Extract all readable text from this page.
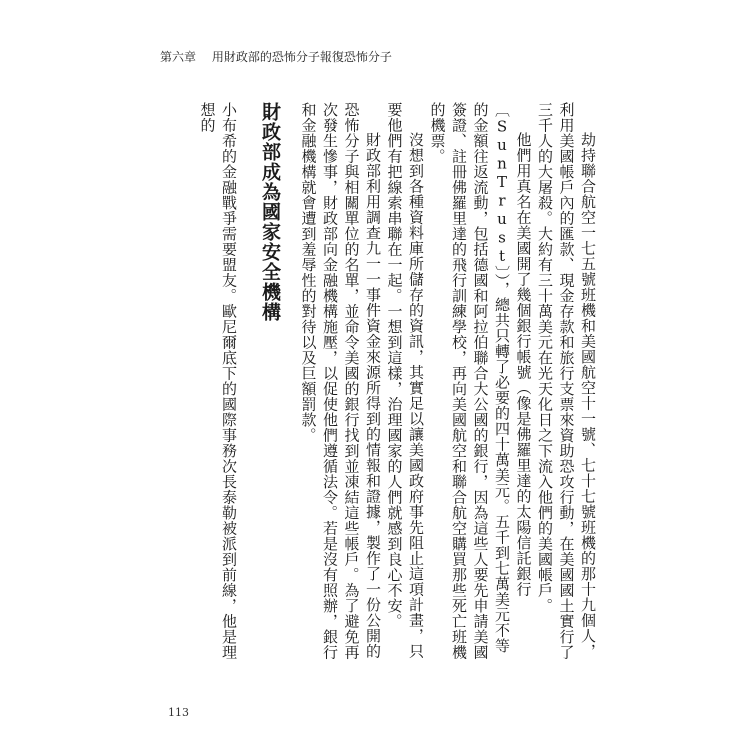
第六章 用財政部的恐怖分子報復恐怖分子

劫持聯合航空一七五號班機和美國航空十一號、七十七號班機的那十九個人，利用美國帳戶內的匯款、現金存款和旅行支票來資助恐攻行動，在美國國土實行了三千人的大屠殺。大約有三十萬美元在光天化日之下流入他們的美國帳戶。

他們用真名在美國開了幾個銀行帳號（像是佛羅里達的太陽信託銀行〔SunTrust〕），總共只轉了必要的四十萬美元。五千到七萬美元不等的金額往返流動，包括德國和阿拉伯聯合大公國的銀行，因為這些人要先申請美國簽證、註冊佛羅里達的飛行訓練學校，再向美國航空和聯合航空購買那些死亡班機的機票。

沒想到各種資料庫所儲存的資訊，其實足以讓美國政府事先阻止這項計畫，只要他們有把線索串聯在一起。一想到這樣，治理國家的人們就感到良心不安。

財政部利用調查九一一事件資金來源所得到的情報和證據，製作了一份公開的恐怖分子與相關單位的名單，並命令美國的銀行找到並凍結這些帳戶。為了避免再次發生慘事，財政部向金融機構施壓，以促使他們遵循法令。若是沒有照辦，銀行和金融機構就會遭到羞辱性的對待以及巨額罰款。

財政部成為國家安全機構

小布希的金融戰爭需要盟友。歐尼爾底下的國際事務次長泰勒被派到前線，他是理想的

113
